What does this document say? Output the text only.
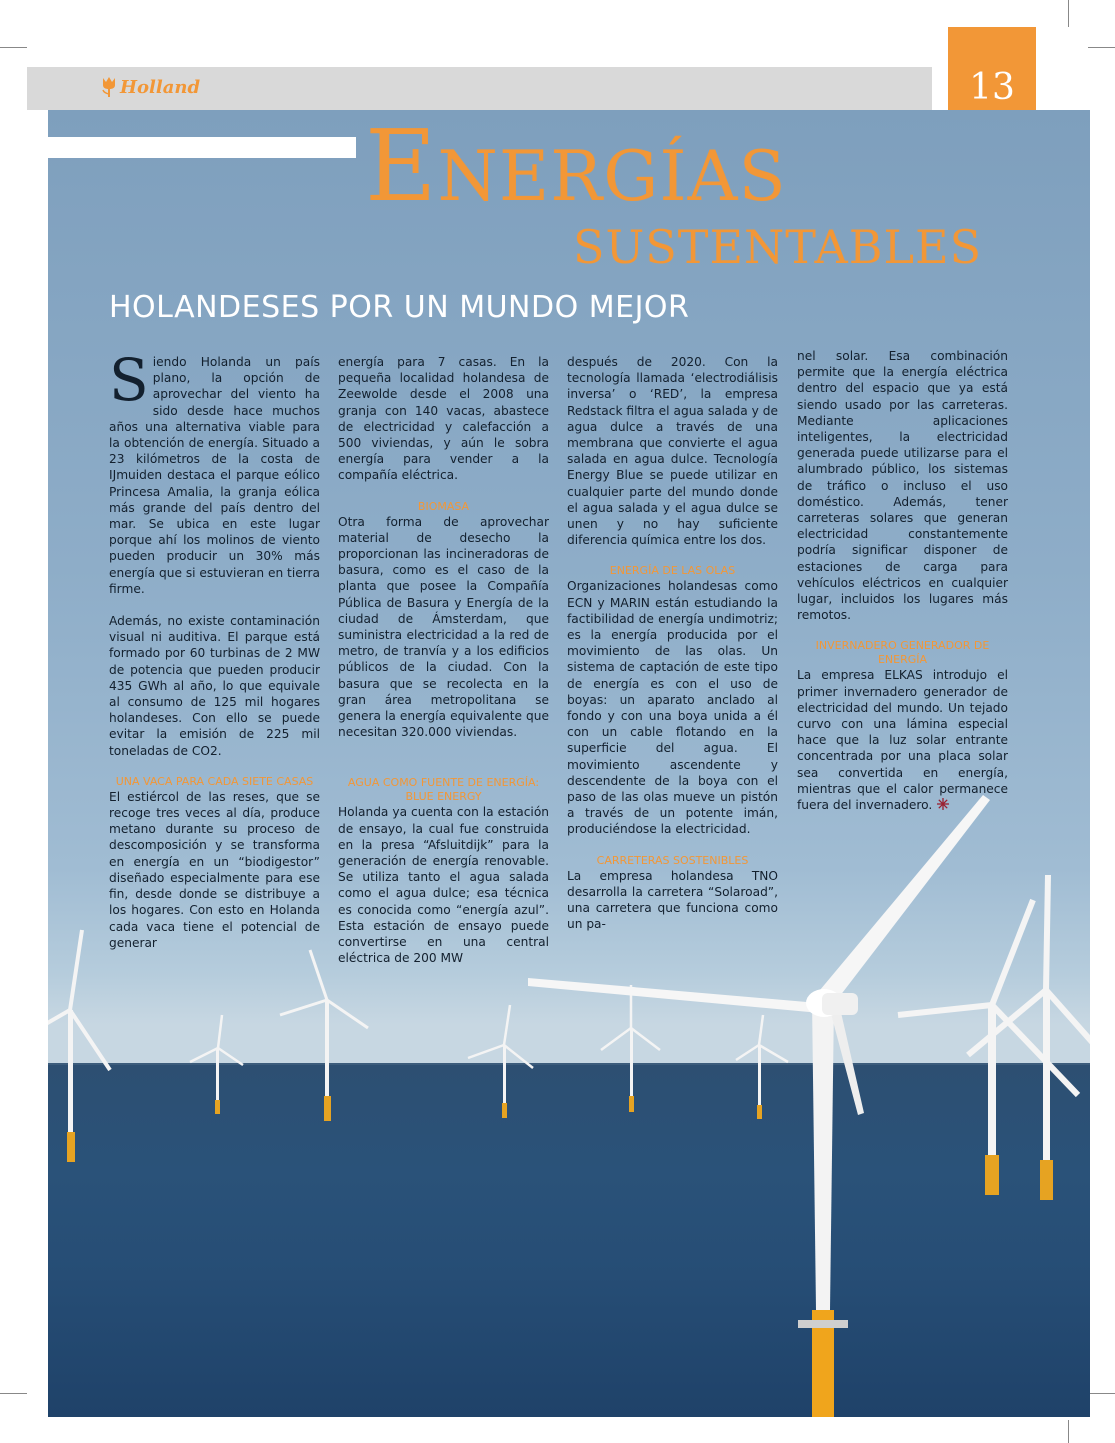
Holland	13
Energías
SUSTENTABLES
HOLANDESES POR UN MUNDO MEJOR

Siendo Holanda un país plano, la opción de aprovechar del viento ha sido desde hace muchos años una alternativa viable para la obtención de energía. Situado a 23 kilómetros de la costa de IJmuiden destaca el parque eólico Princesa Amalia, la granja eólica más grande del país dentro del mar. Se ubica en este lugar porque ahí los molinos de viento pueden producir un 30% más energía que si estuvieran en tierra firme.

Además, no existe contaminación visual ni auditiva. El parque está formado por 60 turbinas de 2 MW de potencia que pueden producir 435 GWh al año, lo que equivale al consumo de 125 mil hogares holandeses. Con ello se puede evitar la emisión de 225 mil toneladas de CO2.

UNA VACA PARA CADA SIETE CASAS

El estiércol de las reses, que se recoge tres veces al día, produce metano durante su proceso de descomposición y se transforma en energía en un “biodigestor” diseñado especialmente para ese fin, desde donde se distribuye a los hogares. Con esto en Holanda cada vaca tiene el potencial de generar

energía para 7 casas. En la pequeña localidad holandesa de Zeewolde desde el 2008 una granja con 140 vacas, abastece de electricidad y calefacción a 500 viviendas, y aún le sobra energía para vender a la compañía eléctrica.

BIOMASA

Otra forma de aprovechar material de desecho la proporcionan las incineradoras de basura, como es el caso de la planta que posee la Compañía Pública de Basura y Energía de la ciudad de Ámsterdam, que suministra electricidad a la red de metro, de tranvía y a los edificios públicos de la ciudad. Con la basura que se recolecta en la gran área metropolitana se genera la energía equivalente que necesitan 320.000 viviendas.

AGUA COMO FUENTE DE ENERGÍA: BLUE ENERGY

Holanda ya cuenta con la estación de ensayo, la cual fue construida en la presa “Afsluitdijk” para la generación de energía renovable. Se utiliza tanto el agua salada como el agua dulce; esa técnica es conocida como “energía azul”. Esta estación de ensayo puede convertirse en una central eléctrica de 200 MW

después de 2020. Con la tecnología llamada ‘electrodiálisis inversa’ o ‘RED’, la empresa Redstack filtra el agua salada y de agua dulce a través de una membrana que convierte el agua salada en agua dulce. Tecnología Energy Blue se puede utilizar en cualquier parte del mundo donde el agua salada y el agua dulce se unen y no hay suficiente diferencia química entre los dos.

ENERGÍA DE LAS OLAS

Organizaciones holandesas como ECN y MARIN están estudiando la factibilidad de energía undimotriz; es la energía producida por el movimiento de las olas. Un sistema de captación de este tipo de energía es con el uso de boyas: un aparato anclado al fondo y con una boya unida a él con un cable flotando en la superficie del agua. El movimiento ascendente y descendente de la boya con el paso de las olas mueve un pistón a través de un potente imán, produciéndose la electricidad.

CARRETERAS SOSTENIBLES

La empresa holandesa TNO desarrolla la carretera “Solaroad”, una carretera que funciona como un pa-

nel solar. Esa combinación permite que la energía eléctrica dentro del espacio que ya está siendo usado por las carreteras. Mediante aplicaciones inteligentes, la electricidad generada puede utilizarse para el alumbrado público, los sistemas de tráfico o incluso el uso doméstico. Además, tener carreteras solares que generan electricidad constantemente podría significar disponer de estaciones de carga para vehículos eléctricos en cualquier lugar, incluidos los lugares más remotos.

INVERNADERO GENERADOR DE ENERGÍA

La empresa ELKAS introdujo el primer invernadero generador de electricidad del mundo. Un tejado curvo con una lámina especial hace que la luz solar entrante concentrada por una placa solar sea convertida en energía, mientras que el calor permanece fuera del invernadero.
